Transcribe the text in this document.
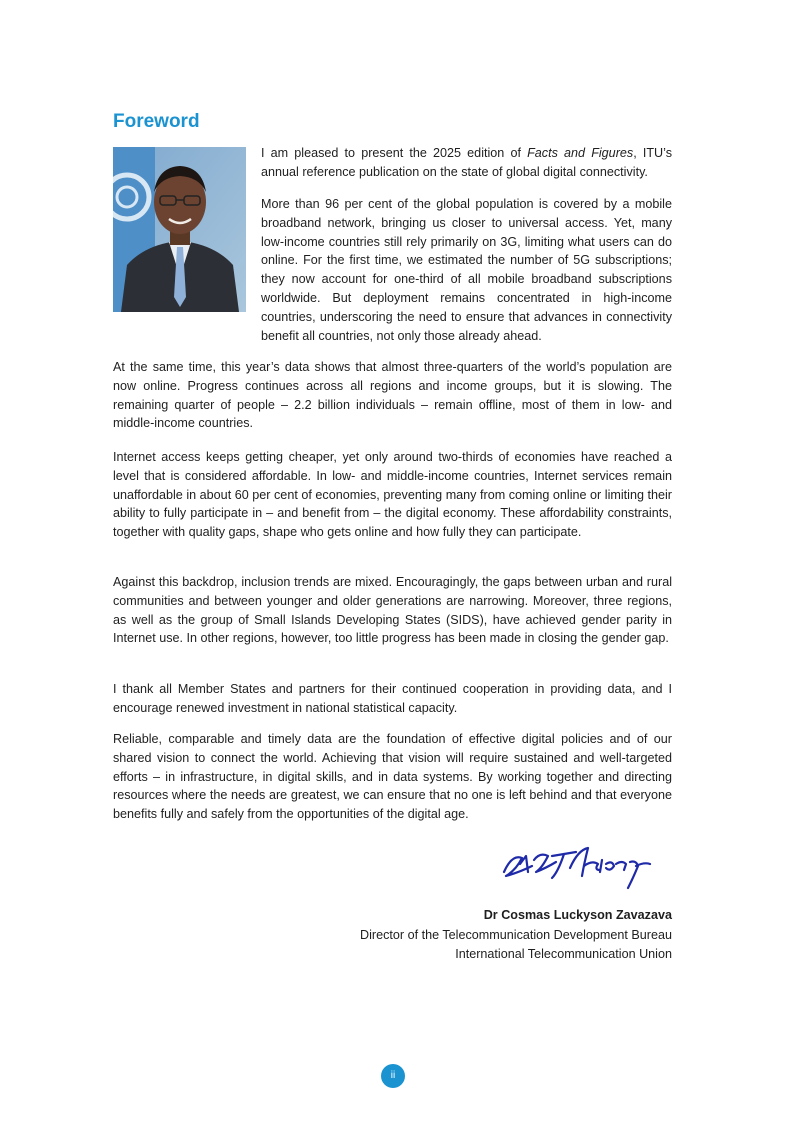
Foreword

I am pleased to present the 2025 edition of Facts and Figures, ITU’s annual reference publication on the state of global digital connectivity.

More than 96 per cent of the global population is covered by a mobile broadband network, bringing us closer to universal access. Yet, many low-income countries still rely primarily on 3G, limiting what users can do online. For the first time, we estimated the number of 5G subscriptions; they now account for one-third of all mobile broadband subscriptions worldwide. But deployment remains concentrated in high-income countries, underscoring the need to ensure that advances in connectivity benefit all countries, not only those already ahead.

At the same time, this year’s data shows that almost three-quarters of the world’s population are now online. Progress continues across all regions and income groups, but it is slowing. The remaining quarter of people – 2.2 billion individuals – remain offline, most of them in low- and middle-income countries.

Internet access keeps getting cheaper, yet only around two-thirds of economies have reached a level that is considered affordable. In low- and middle-income countries, Internet services remain unaffordable in about 60 per cent of economies, preventing many from coming online or limiting their ability to fully participate in – and benefit from – the digital economy. These affordability constraints, together with quality gaps, shape who gets online and how fully they can participate.

Against this backdrop, inclusion trends are mixed. Encouragingly, the gaps between urban and rural communities and between younger and older generations are narrowing. Moreover, three regions, as well as the group of Small Islands Developing States (SIDS), have achieved gender parity in Internet use. In other regions, however, too little progress has been made in closing the gender gap.

I thank all Member States and partners for their continued cooperation in providing data, and I encourage renewed investment in national statistical capacity.

Reliable, comparable and timely data are the foundation of effective digital policies and of our shared vision to connect the world. Achieving that vision will require sustained and well-targeted efforts – in infrastructure, in digital skills, and in data systems. By working together and directing resources where the needs are greatest, we can ensure that no one is left behind and that everyone benefits fully and safely from the opportunities of the digital age.

Dr Cosmas Luckyson Zavazava
Director of the Telecommunication Development Bureau
International Telecommunication Union
ii
